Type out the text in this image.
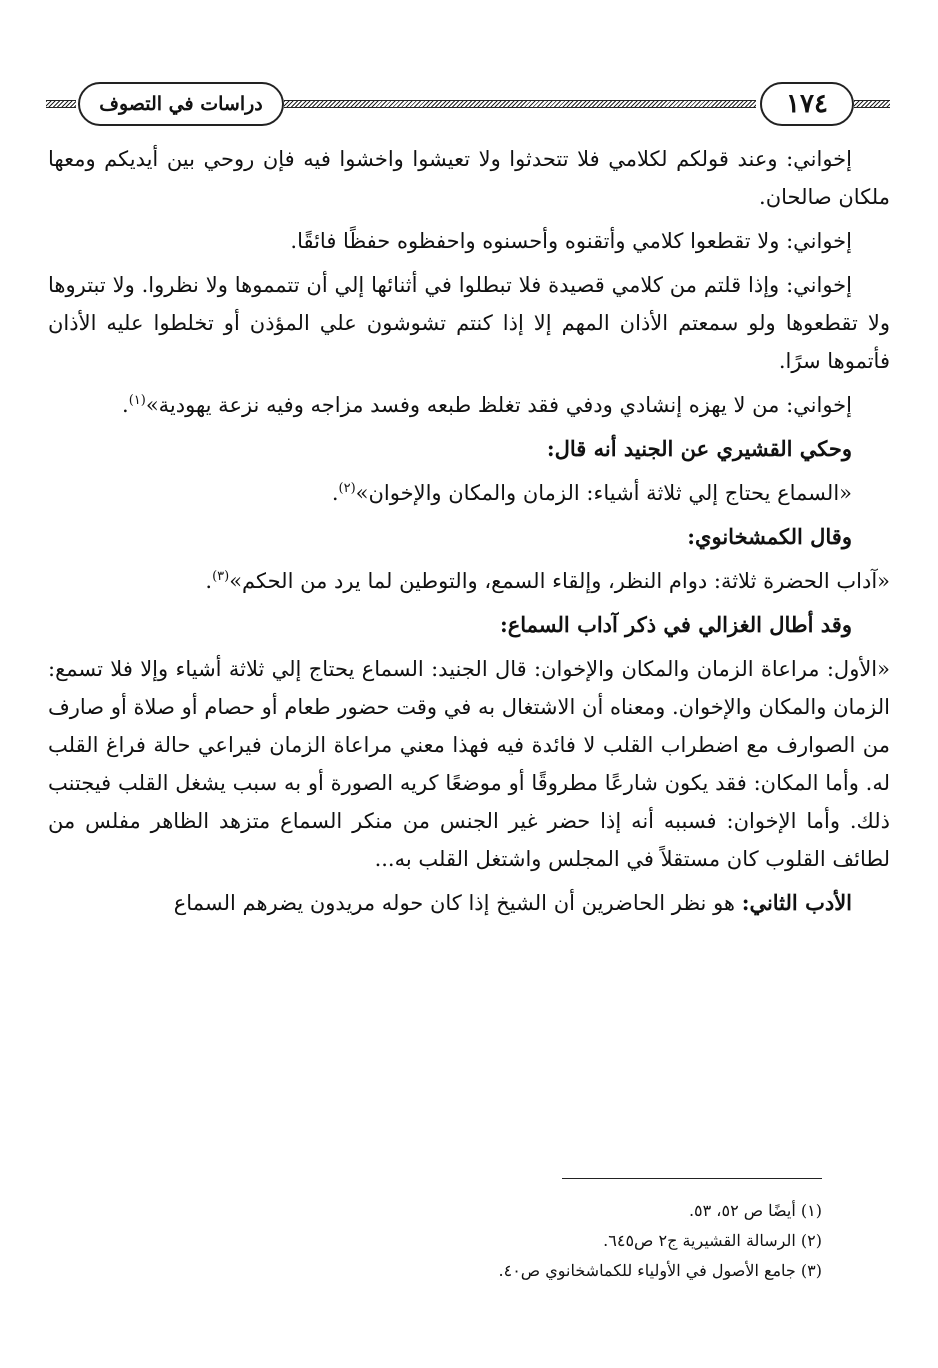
دراسات في التصوف	١٧٤

إخواني: وعند قولكم لكلامي فلا تتحدثوا ولا تعيشوا واخشوا فيه فإن روحي بين أيديكم ومعها ملكان صالحان.

إخواني: ولا تقطعوا كلامي وأتقنوه وأحسنوه واحفظوه حفظًا فائقًا.

إخواني: وإذا قلتم من كلامي قصيدة فلا تبطلوا في أثنائها إلي أن تتمموها ولا نظروا. ولا تبتروها ولا تقطعوها ولو سمعتم الأذان المهم إلا إذا كنتم تشوشون علي المؤذن أو تخلطوا عليه الأذان فأتموها سرًا.

إخواني: من لا يهزه إنشادي ودفي فقد تغلظ طبعه وفسد مزاجه وفيه نزعة يهودية»$^{(١)}$.

وحكي القشيري عن الجنيد أنه قال:

«السماع يحتاج إلي ثلاثة أشياء: الزمان والمكان والإخوان»$^{(٢)}$.

وقال الكمشخانوي:

«آداب الحضرة ثلاثة: دوام النظر، وإلقاء السمع، والتوطين لما يرد من الحكم»$^{(٣)}$.

وقد أطال الغزالي في ذكر آداب السماع:

«الأول: مراعاة الزمان والمكان والإخوان: قال الجنيد: السماع يحتاج إلي ثلاثة أشياء وإلا فلا تسمع: الزمان والمكان والإخوان. ومعناه أن الاشتغال به في وقت حضور طعام أو حصام أو صلاة أو صارف من الصوارف مع اضطراب القلب لا فائدة فيه فهذا معني مراعاة الزمان فيراعي حالة فراغ القلب له. وأما المكان: فقد يكون شارعًا مطروقًا أو موضعًا كريه الصورة أو به سبب يشغل القلب فيجتنب ذلك. وأما الإخوان: فسببه أنه إذا حضر غير الجنس من منكر السماع متزهد الظاهر مفلس من لطائف القلوب كان مستقلاً في المجلس واشتغل القلب به...

الأدب الثاني: هو نظر الحاضرين أن الشيخ إذا كان حوله مريدون يضرهم السماع

(١) أيضًا ص ٥٢، ٥٣.
(٢) الرسالة القشيرية ج٢ ص٦٤٥.
(٣) جامع الأصول في الأولياء للكماشخانوي ص٤٠.
